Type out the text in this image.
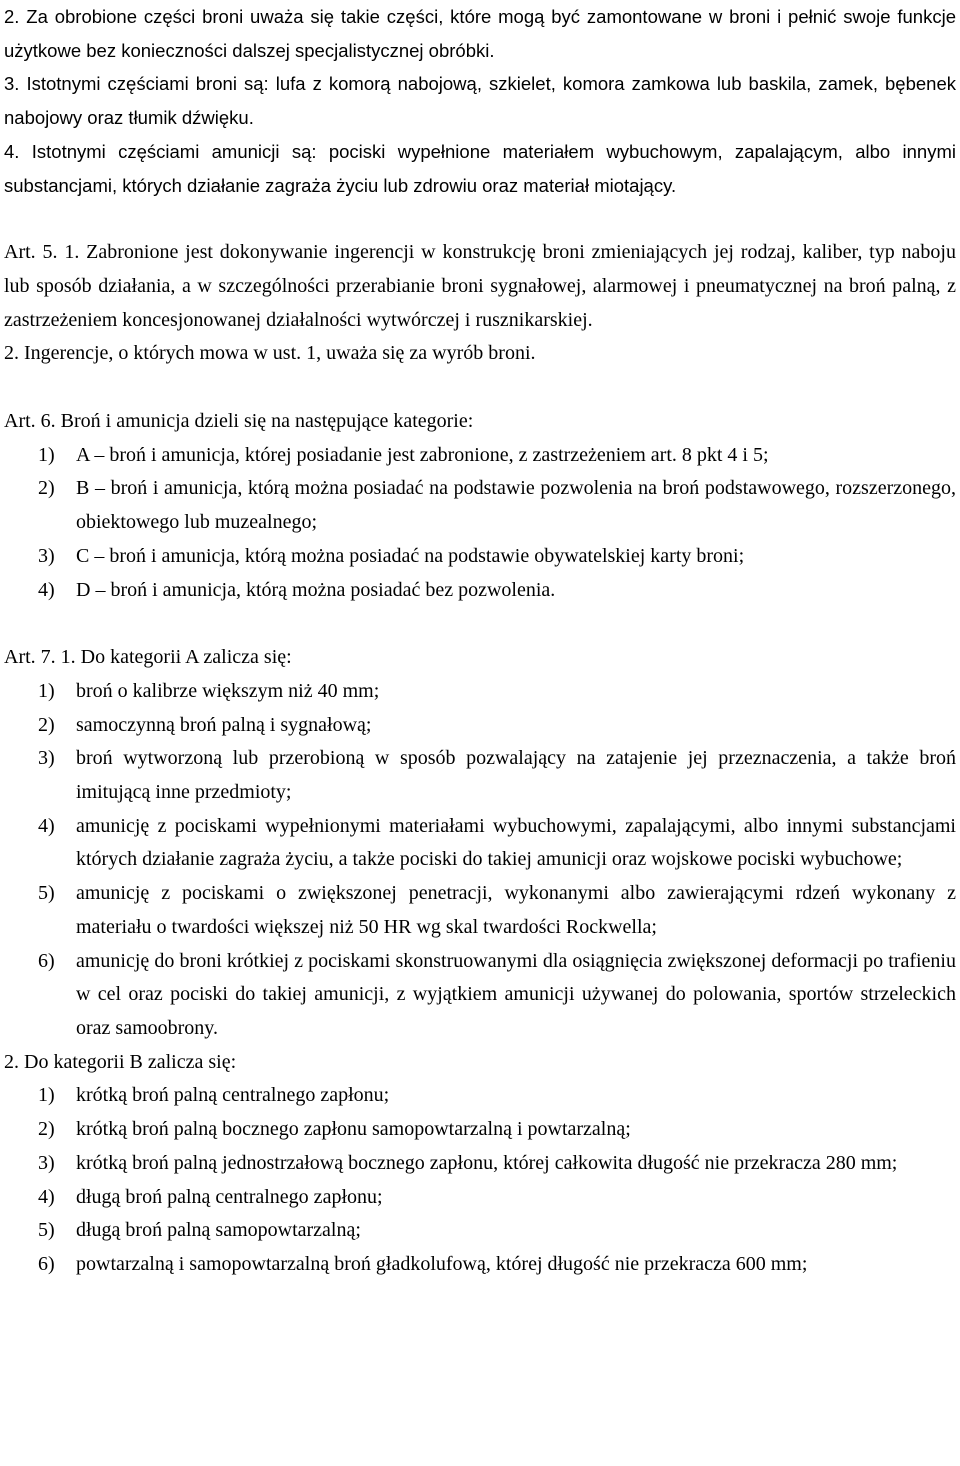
2. Za obrobione części broni uważa się takie części, które mogą być zamontowane w broni i pełnić swoje funkcje użytkowe bez konieczności dalszej specjalistycznej obróbki.

3. Istotnymi częściami broni są: lufa z komorą nabojową, szkielet, komora zamkowa lub baskila, zamek, bębenek nabojowy oraz tłumik dźwięku.

4. Istotnymi częściami amunicji są: pociski wypełnione materiałem wybuchowym, zapalającym, albo innymi substancjami, których działanie zagraża życiu lub zdrowiu oraz materiał miotający.

Art. 5. 1. Zabronione jest dokonywanie ingerencji w konstrukcję broni zmieniających jej rodzaj, kaliber, typ naboju lub sposób działania, a w szczególności przerabianie broni sygnałowej, alarmowej i pneumatycznej na broń palną, z zastrzeżeniem koncesjonowanej działalności wytwórczej i rusznikarskiej.

2. Ingerencje, o których mowa w ust. 1, uważa się za wyrób broni.

Art. 6. Broń i amunicja dzieli się na następujące kategorie:

1)	A – broń i amunicja, której posiadanie jest zabronione, z zastrzeżeniem art. 8 pkt 4 i 5;
2)	B – broń i amunicja, którą można posiadać na podstawie pozwolenia na broń podstawowego, rozszerzonego, obiektowego lub muzealnego;
3)	C – broń i amunicja, którą można posiadać na podstawie obywatelskiej karty broni;
4)	D – broń i amunicja, którą można posiadać bez pozwolenia.

Art. 7. 1. Do kategorii A zalicza się:

1)	broń o kalibrze większym niż 40 mm;
2)	samoczynną broń palną i sygnałową;
3)	broń wytworzoną lub przerobioną w sposób pozwalający na zatajenie jej przeznaczenia, a także broń imitującą inne przedmioty;
4)	amunicję z pociskami wypełnionymi materiałami wybuchowymi, zapalającymi, albo innymi substancjami których działanie zagraża życiu, a także pociski do takiej amunicji oraz wojskowe pociski wybuchowe;
5)	amunicję z pociskami o zwiększonej penetracji, wykonanymi albo zawierającymi rdzeń wykonany z materiału o twardości większej niż 50 HR wg skal twardości Rockwella;
6)	amunicję do broni krótkiej z pociskami skonstruowanymi dla osiągnięcia zwiększonej deformacji po trafieniu w cel oraz pociski do takiej amunicji, z wyjątkiem amunicji używanej do polowania, sportów strzeleckich oraz samoobrony.

2. Do kategorii B zalicza się:

1)	krótką broń palną centralnego zapłonu;
2)	krótką broń palną bocznego zapłonu samopowtarzalną i powtarzalną;
3)	krótką broń palną jednostrzałową bocznego zapłonu, której całkowita długość nie przekracza 280 mm;
4)	długą broń palną centralnego zapłonu;
5)	długą broń palną samopowtarzalną;
6)	powtarzalną i samopowtarzalną broń gładkolufową, której długość nie przekracza 600 mm;
